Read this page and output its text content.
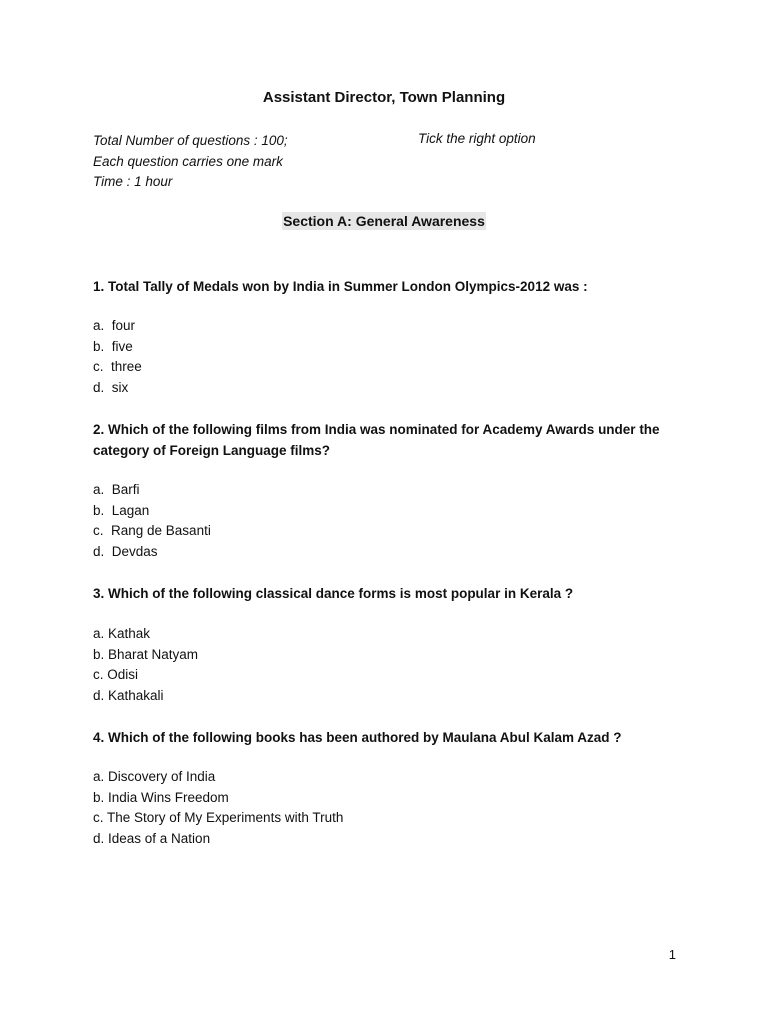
Assistant Director, Town Planning
Total Number of questions : 100;
Each question carries one mark
Time : 1 hour
Tick the right option
Section A: General Awareness
1. Total Tally of Medals won by India in Summer London Olympics-2012 was :
a.  four
b.  five
c.  three
d.  six
2. Which of the following films from India was nominated for Academy Awards under the category of Foreign Language films?
a.  Barfi
b.  Lagan
c.  Rang de Basanti
d.  Devdas
3. Which of the following classical dance forms is most popular in Kerala ?
a. Kathak
b. Bharat Natyam
c. Odisi
d. Kathakali
4. Which of the following books has been authored by Maulana Abul Kalam Azad ?
a. Discovery of India
b. India Wins Freedom
c. The Story of My Experiments with Truth
d. Ideas of a Nation
1
